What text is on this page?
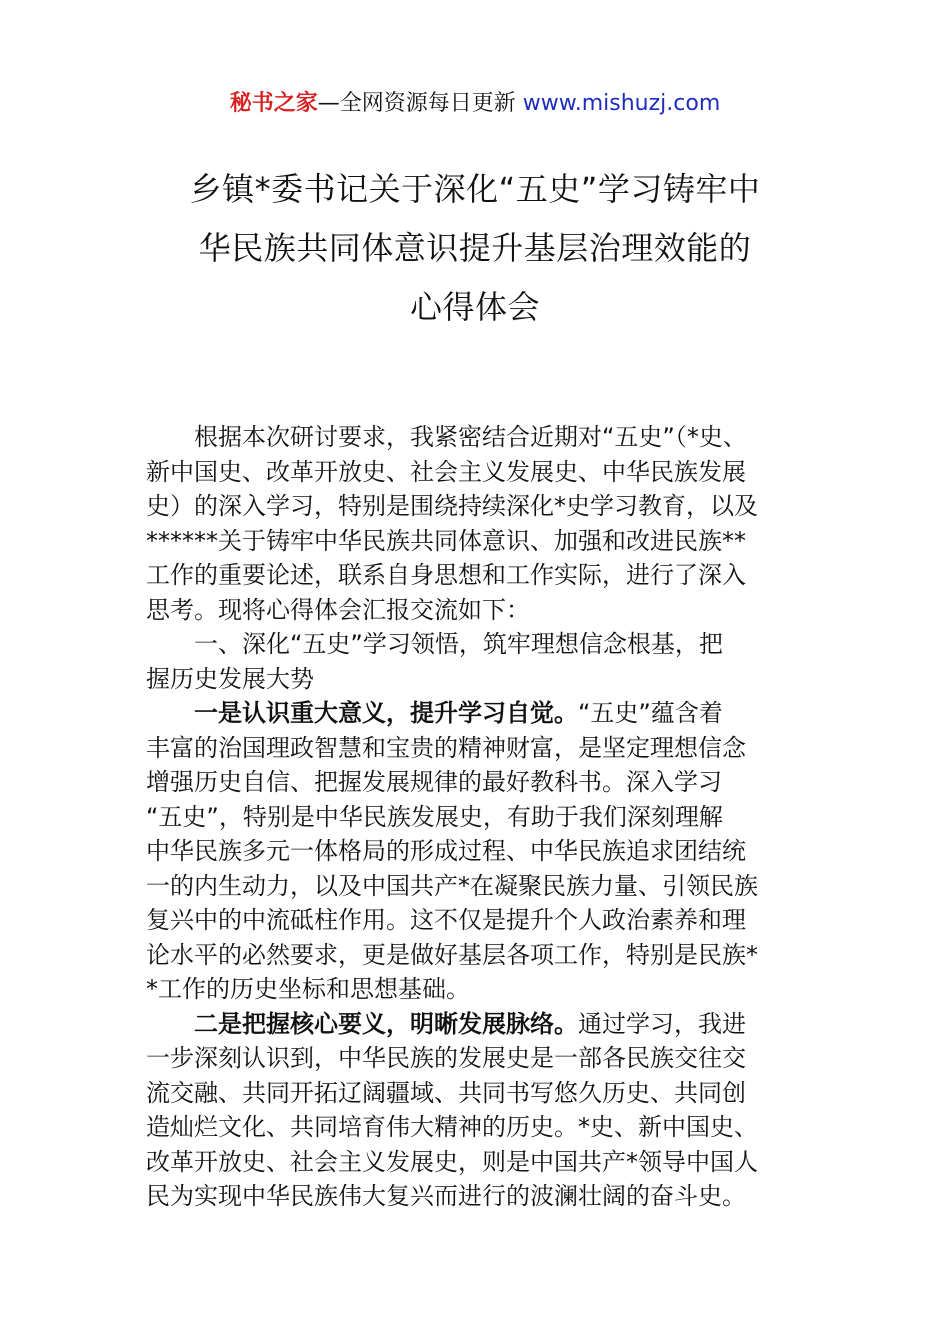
秘书之家—全网资源每日更新 www.mishuzj.com
乡镇*委书记关于深化“五史”学习铸牢中
华民族共同体意识提升基层治理效能的
心得体会
根据本次研讨要求，我紧密结合近期对“五史”（*史、
新中国史、改革开放史、社会主义发展史、中华民族发展
史）的深入学习，特别是围绕持续深化*史学习教育，以及
******关于铸牢中华民族共同体意识、加强和改进民族**
工作的重要论述，联系自身思想和工作实际，进行了深入
思考。现将心得体会汇报交流如下：
一、深化“五史”学习领悟，筑牢理想信念根基，把
握历史发展大势
一是认识重大意义，提升学习自觉。“五史”蕴含着
丰富的治国理政智慧和宝贵的精神财富，是坚定理想信念
增强历史自信、把握发展规律的最好教科书。深入学习
“五史”，特别是中华民族发展史，有助于我们深刻理解
中华民族多元一体格局的形成过程、中华民族追求团结统
一的内生动力，以及中国共产*在凝聚民族力量、引领民族
复兴中的中流砥柱作用。这不仅是提升个人政治素养和理
论水平的必然要求，更是做好基层各项工作，特别是民族*
*工作的历史坐标和思想基础。
二是把握核心要义，明晰发展脉络。通过学习，我进
一步深刻认识到，中华民族的发展史是一部各民族交往交
流交融、共同开拓辽阔疆域、共同书写悠久历史、共同创
造灿烂文化、共同培育伟大精神的历史。*史、新中国史、
改革开放史、社会主义发展史，则是中国共产*领导中国人
民为实现中华民族伟大复兴而进行的波澜壮阔的奋斗史。
